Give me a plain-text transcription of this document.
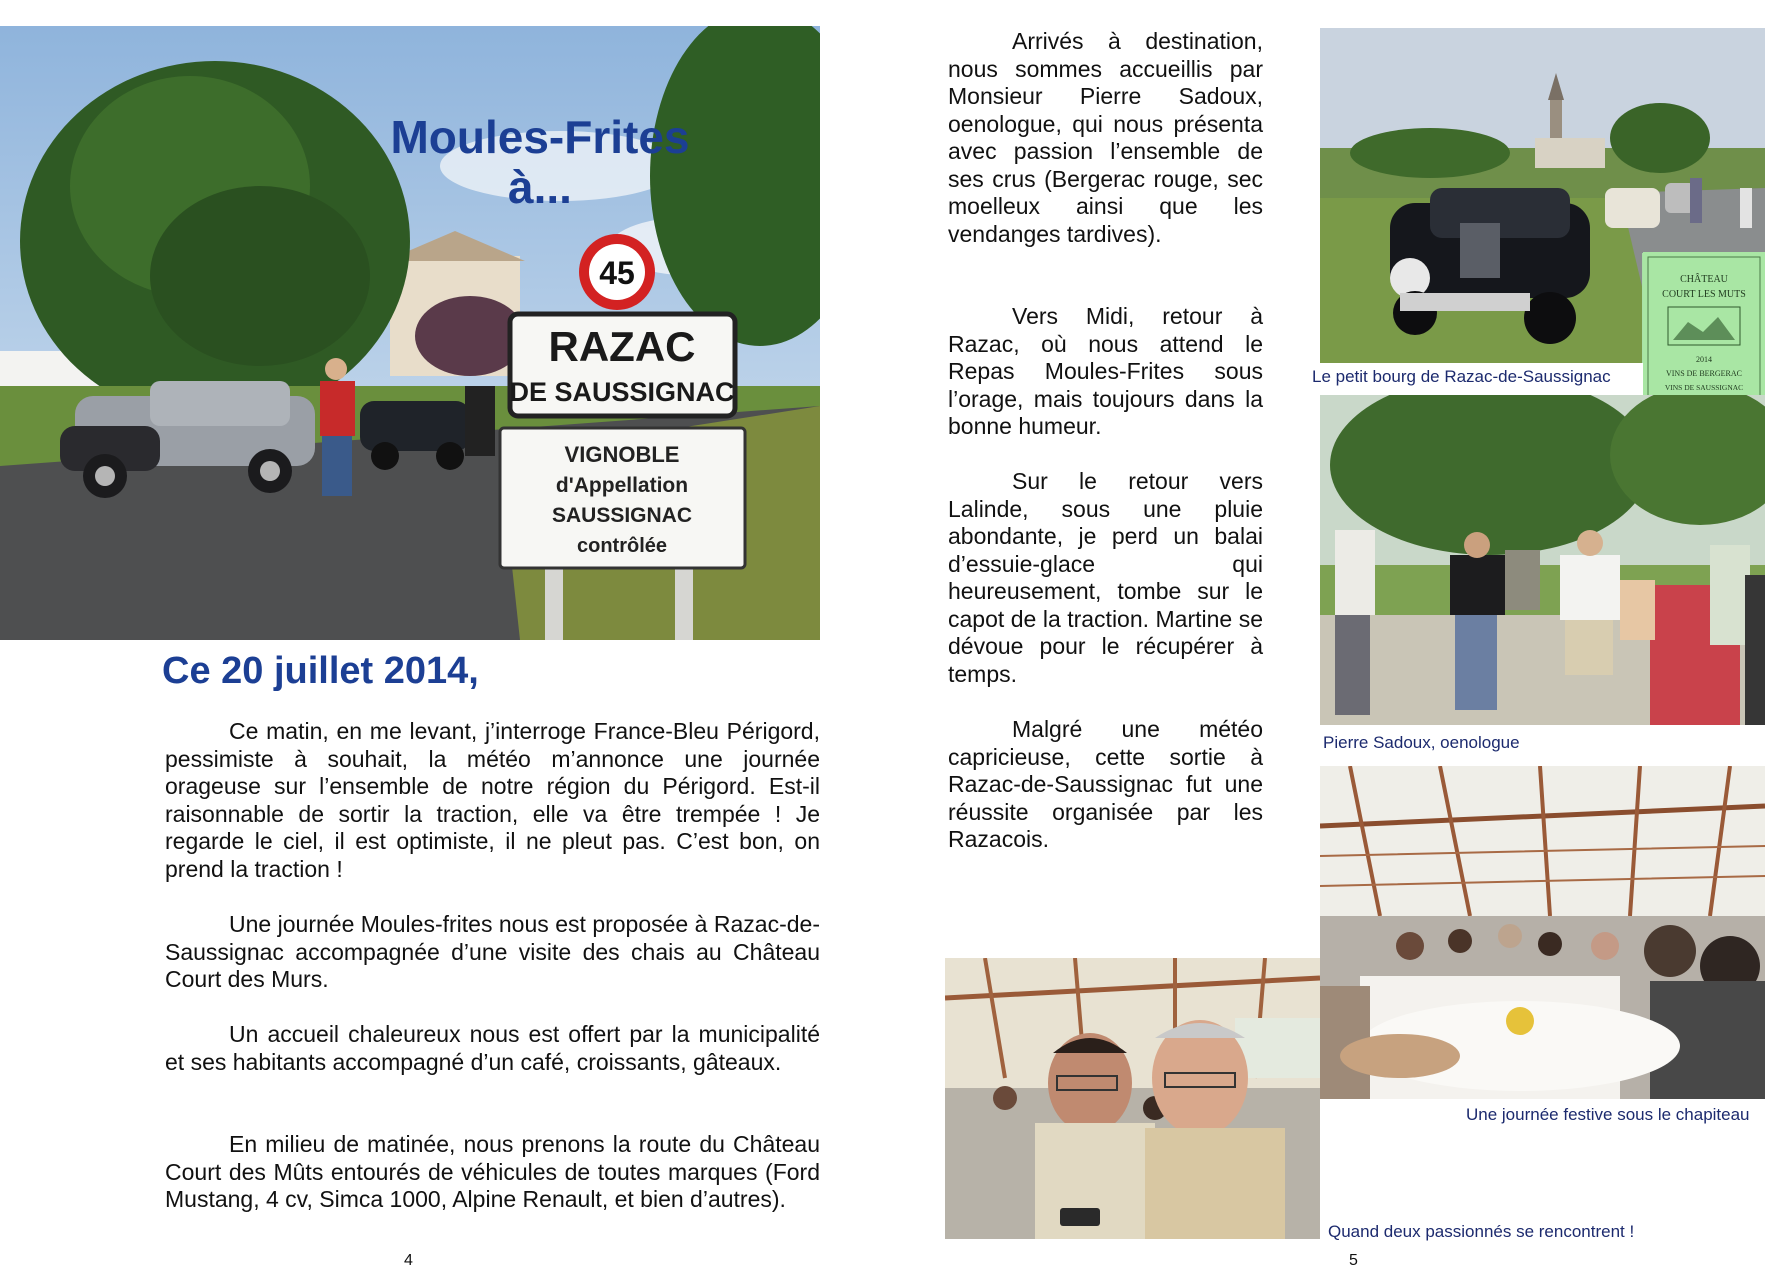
45
RAZAC
DE SAUSSIGNAC
VIGNOBLE
d'Appellation
SAUSSIGNAC
contrôlée
Moules-Frites
à...
Ce 20 juillet 2014,

Ce matin, en me levant, j’interroge France-Bleu Périgord, pessimiste à souhait, la météo m’annonce une journée orageuse sur l’ensemble de notre région du Périgord. Est-il raisonnable de sortir la traction, elle va être trempée ! Je regarde le ciel, il est optimiste, il ne pleut pas. C’est bon, on prend la traction !

Une journée Moules-frites nous est proposée à Razac-de-Saussignac accompagnée d’une visite des chais au Château Court des Murs.

Un accueil chaleureux nous est offert par la municipalité et ses habitants accompagné d’un café, croissants, gâteaux.

En milieu de matinée, nous prenons la route du Château Court des Mûts entourés de véhicules de toutes marques (Ford Mustang, 4 cv, Simca 1000, Alpine Renault, et bien d’autres).

4

Arrivés à destination, nous sommes accueillis par Monsieur Pierre Sadoux, oenologue, qui nous présenta avec passion l’ensemble de ses crus (Bergerac rouge, sec moelleux ainsi que les vendanges tardives).

Vers Midi, retour à Razac, où nous attend le Repas Moules-Frites sous l’orage, mais toujours dans la bonne humeur.

Sur le retour vers Lalinde, sous une pluie abondante, je perd un balai d’essuie-glace qui heureusement, tombe sur le capot de la traction. Martine se dévoue pour le récupérer à temps.

Malgré une météo capricieuse, cette sortie à Razac-de-Saussignac fut une réussite organisée par les Razacois.

CHÂTEAU
COURT LES MUTS
2014
VINS DE BERGERAC
VINS DE SAUSSIGNAC
Le petit bourg de Razac-de-Saussignac
Pierre Sadoux, oenologue
Une journée festive sous le chapiteau
Quand deux passionnés se rencontrent !
5
